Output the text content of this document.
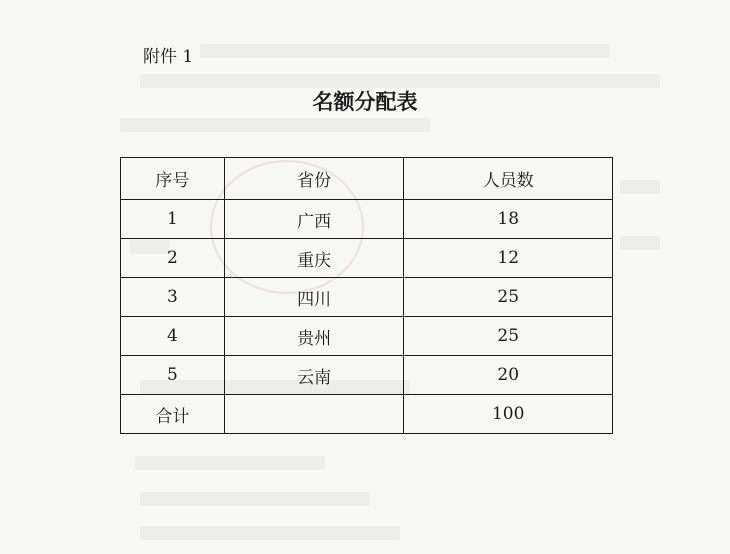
附件 1
名额分配表
序号	省份	人员数
1	广西	18
2	重庆	12
3	四川	25
4	贵州	25
5	云南	20
合计		100
